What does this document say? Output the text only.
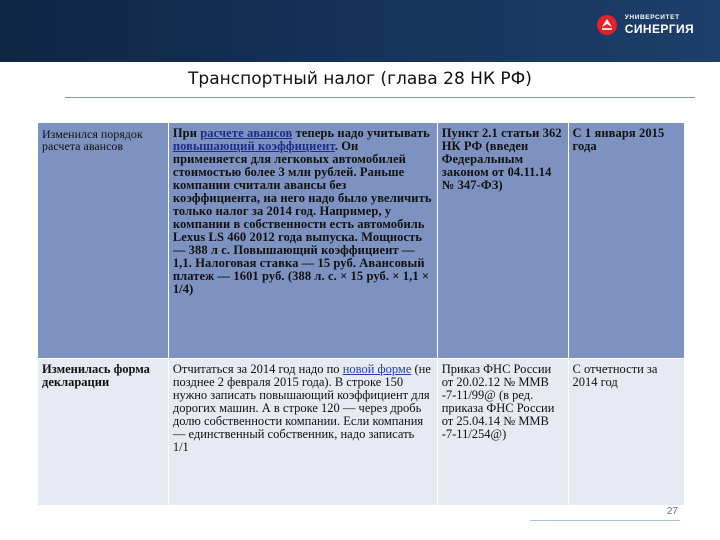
УНИВЕРСИТЕТ
СИНЕРГИЯ
Транспортный налог (глава 28 НК РФ)
Изменился порядок расчета авансов	При расчете авансов теперь надо учитывать повышающий коэффициент. Он применяется для легковых автомобилей стоимостью более 3 млн рублей. Раньше компании считали авансы без коэффициента, на него надо было увеличить только налог за 2014 год. Например, у компании в собственности есть автомобиль Lexus LS 460 2012 года выпуска. Мощность — 388 л с. Повышающий коэффициент — 1,1. Налоговая ставка — 15 руб. Авансовый платеж — 1601 руб. (388 л. с. × 15 руб. × 1,1 × 1/4)	Пункт 2.1 статьи 362 НК РФ (введен Федеральным законом от 04.11.14 № 347-ФЗ)	С 1 января 2015 года
Изменилась форма декларации	Отчитаться за 2014 год надо по новой форме (не позднее 2 февраля 2015 года). В строке 150 нужно записать повышающий коэффициент для дорогих машин. А в строке 120 — через дробь долю собственности компании. Если компания — единственный собственник, надо записать 1/1	Приказ ФНС России от 20.02.12 № ММВ -7-11/99@ (в ред. приказа ФНС России от 25.04.14 № ММВ -7-11/254@)	С отчетности за 2014 год
27
